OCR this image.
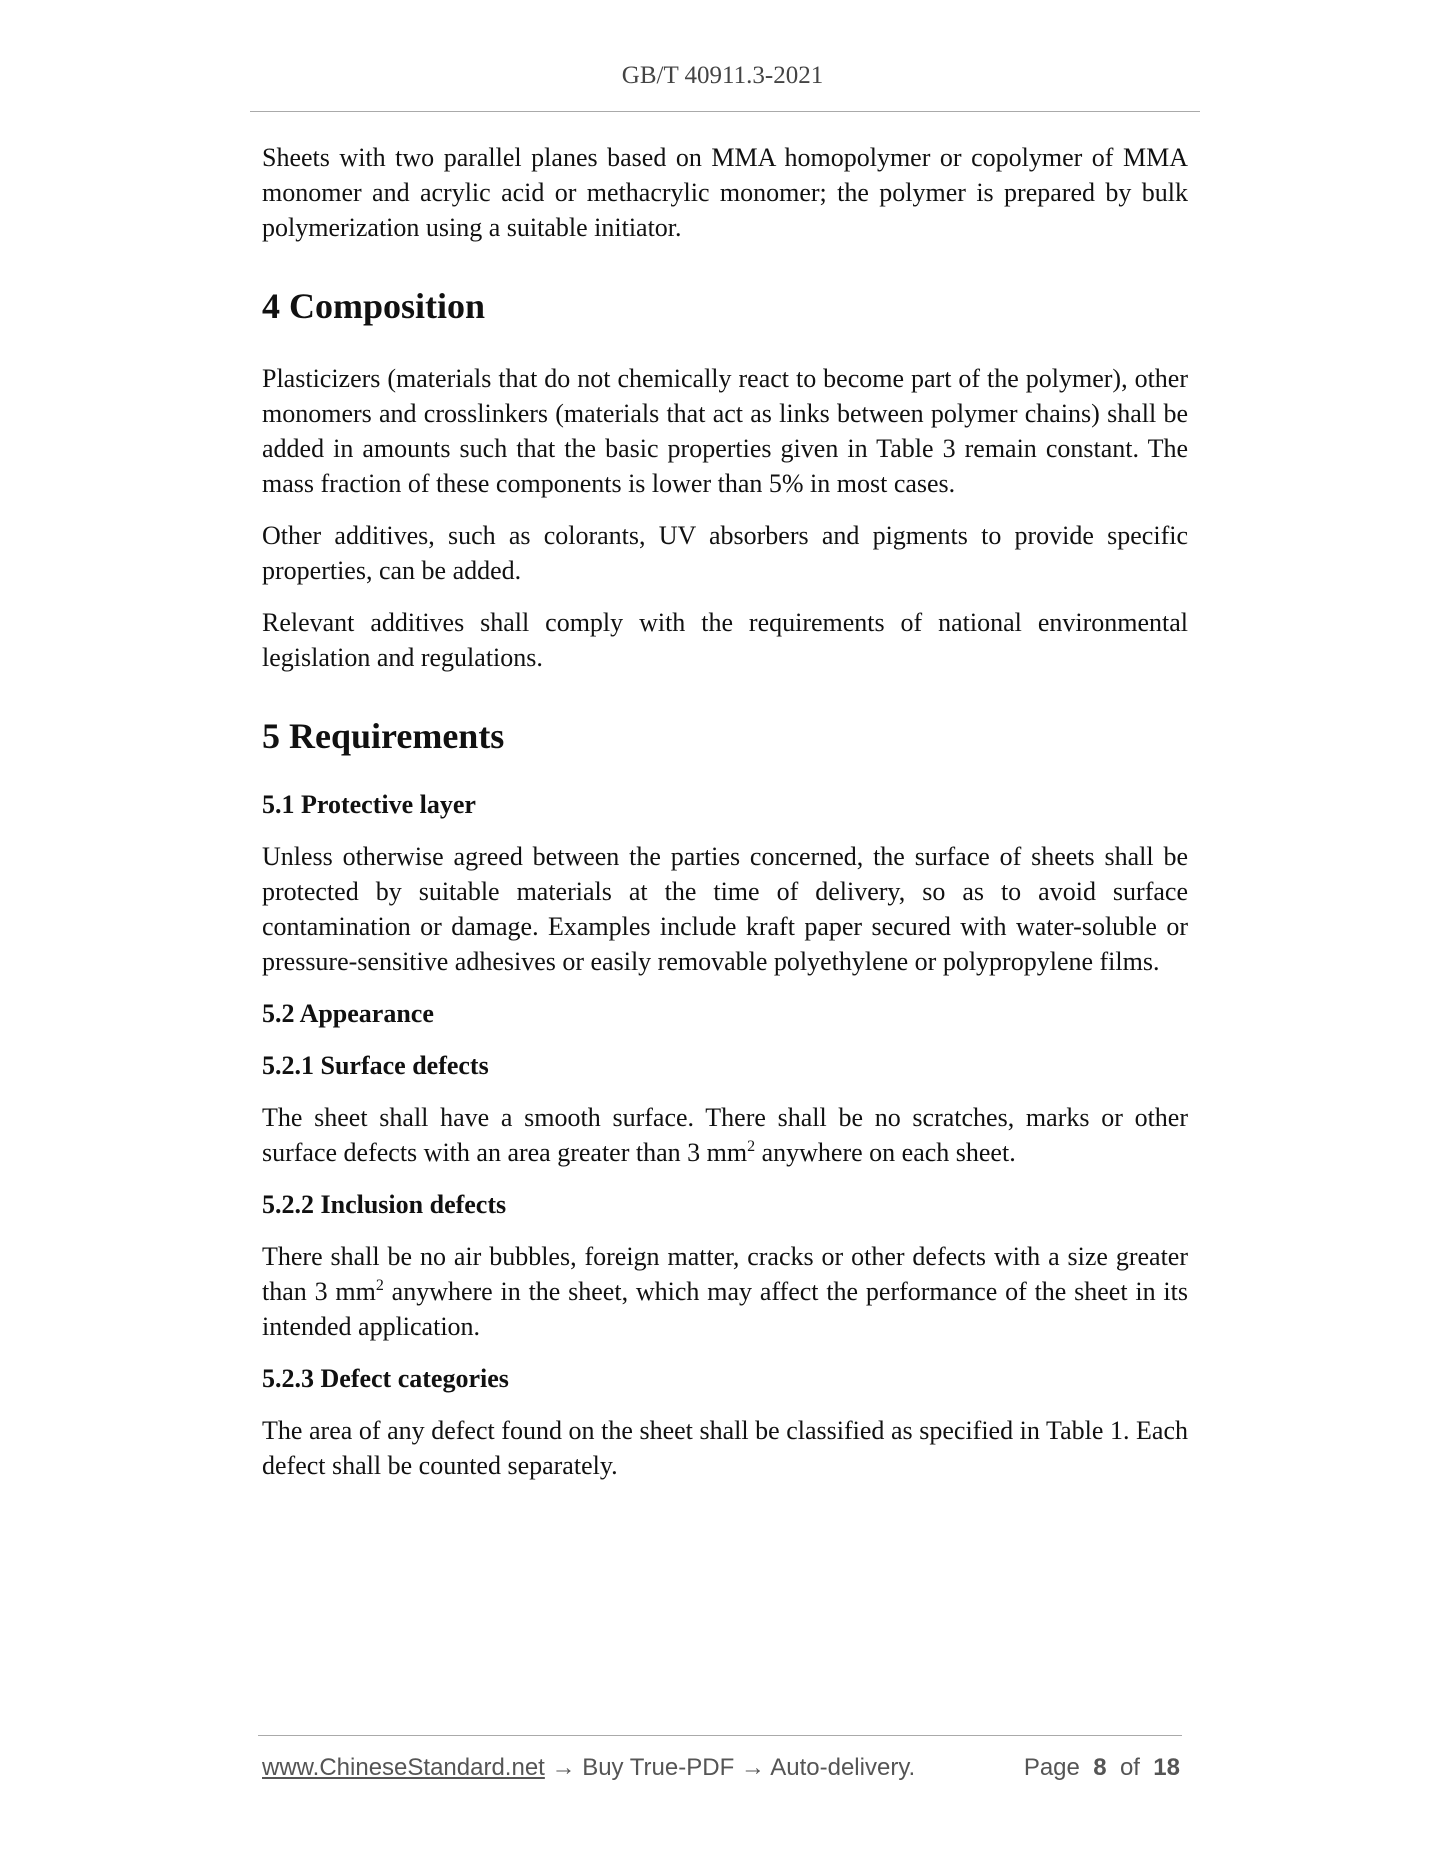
GB/T 40911.3-2021

Sheets with two parallel planes based on MMA homopolymer or copolymer of MMA monomer and acrylic acid or methacrylic monomer; the polymer is prepared by bulk polymerization using a suitable initiator.

4 Composition

Plasticizers (materials that do not chemically react to become part of the polymer), other monomers and crosslinkers (materials that act as links between polymer chains) shall be added in amounts such that the basic properties given in Table 3 remain constant. The mass fraction of these components is lower than 5% in most cases.

Other additives, such as colorants, UV absorbers and pigments to provide specific properties, can be added.

Relevant additives shall comply with the requirements of national environmental legislation and regulations.

5 Requirements
5.1 Protective layer

Unless otherwise agreed between the parties concerned, the surface of sheets shall be protected by suitable materials at the time of delivery, so as to avoid surface contamination or damage. Examples include kraft paper secured with water-soluble or pressure-sensitive adhesives or easily removable polyethylene or polypropylene films.

5.2 Appearance
5.2.1 Surface defects

The sheet shall have a smooth surface. There shall be no scratches, marks or other surface defects with an area greater than 3 $mm^2$ anywhere on each sheet.

5.2.2 Inclusion defects

There shall be no air bubbles, foreign matter, cracks or other defects with a size greater than 3 $mm^2$ anywhere in the sheet, which may affect the performance of the sheet in its intended application.

5.2.3 Defect categories

The area of any defect found on the sheet shall be classified as specified in Table 1. Each defect shall be counted separately.

www.ChineseStandard.net → Buy True-PDF → Auto-delivery.	Page 8 of 18
